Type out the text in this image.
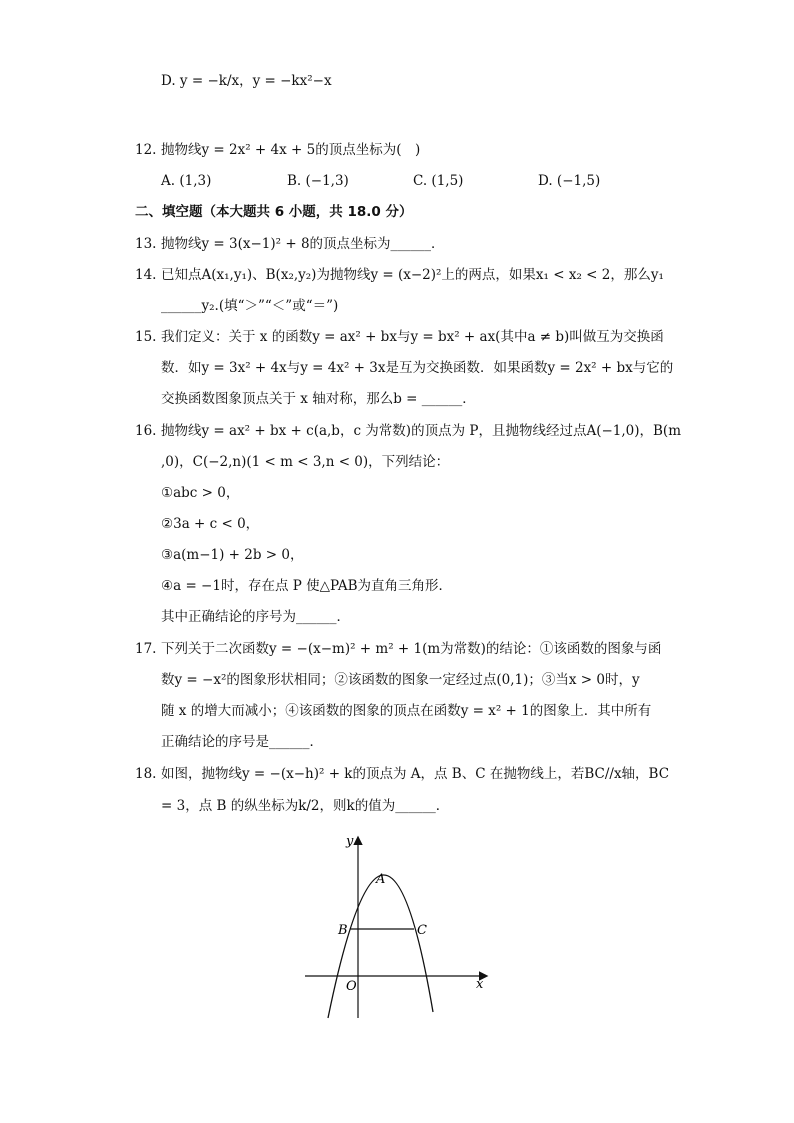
D. y = −k/x，y = −kx²−x
12. 抛物线y = 2x² + 4x + 5的顶点坐标为(　)
A. (1,3)	B. (−1,3)	C. (1,5)	D. (−1,5)
二、填空题（本大题共 6 小题，共 18.0 分）
13. 抛物线y = 3(x−1)² + 8的顶点坐标为______．
14. 已知点A(x₁,y₁)、B(x₂,y₂)为抛物线y = (x−2)²上的两点，如果x₁ < x₂ < 2，那么y₁
______y₂.(填“＞”“＜”或“＝”)
15. 我们定义：关于 x 的函数y = ax² + bx与y = bx² + ax(其中a ≠ b)叫做互为交换函
数．如y = 3x² + 4x与y = 4x² + 3x是互为交换函数．如果函数y = 2x² + bx与它的
交换函数图象顶点关于 x 轴对称，那么b = ______．
16. 抛物线y = ax² + bx + c(a,b，c 为常数)的顶点为 P，且抛物线经过点A(−1,0)，B(m
,0)，C(−2,n)(1 < m < 3,n < 0)，下列结论：
①abc > 0，
②3a + c < 0，
③a(m−1) + 2b > 0，
④a = −1时，存在点 P 使△PAB为直角三角形．
其中正确结论的序号为______．
17. 下列关于二次函数y = −(x−m)² + m² + 1(m为常数)的结论：①该函数的图象与函
数y = −x²的图象形状相同；②该函数的图象一定经过点(0,1)；③当x > 0时，y
随 x 的增大而减小；④该函数的图象的顶点在函数y = x² + 1的图象上．其中所有
正确结论的序号是______．
18. 如图，抛物线y = −(x−h)² + k的顶点为 A，点 B、C 在抛物线上，若BC//x轴，BC
= 3，点 B 的纵坐标为k/2，则k的值为______．
y
x
O
A
B	C
